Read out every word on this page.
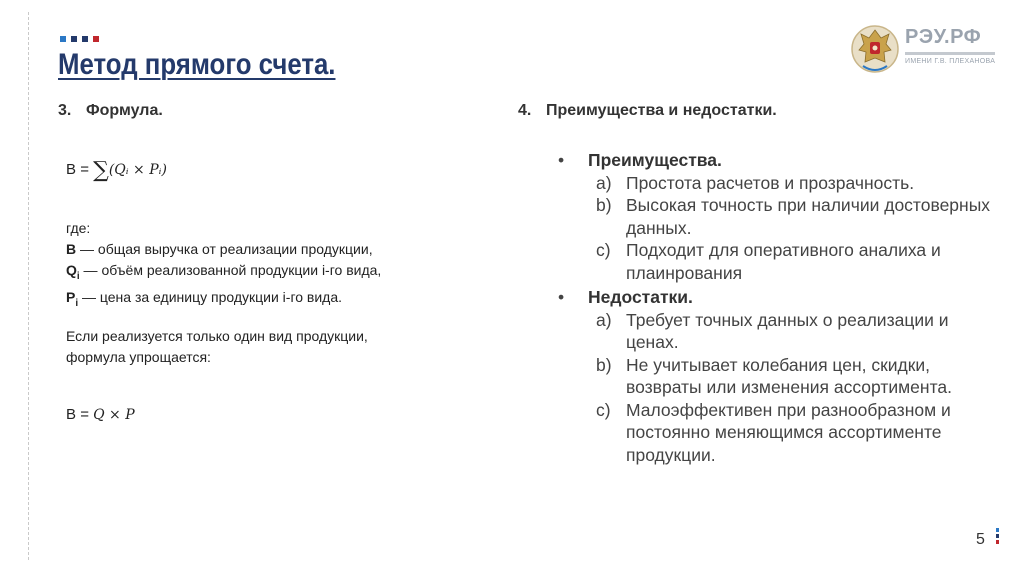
Метод прямого счета.
РЭУ.РФ
ИМЕНИ Г.В. ПЛЕХАНОВА
3. Формула.
В = ∑(Qᵢ × Pᵢ)

где:

В — общая выручка от реализации продукции,

$Q_i$ — объём реализованной продукции i-го вида,

$P_i$ — цена за единицу продукции i-го вида.

Если реализуется только один вид продукции, формула упрощается:

В = Q × P
4. Преимущества и недостатки.
• Преимущества.
a) Простота расчетов и прозрачность.
b) Высокая точность при наличии достоверных данных.
c) Подходит для оперативного аналиха и плаинрования
• Недостатки.
a) Требует точных данных о реализации и ценах.
b) Не учитывает колебания цен, скидки, возвраты или изменения ассортимента.
c) Малоэффективен при разнообразном и постоянно меняющимся ассортименте продукции.
5
